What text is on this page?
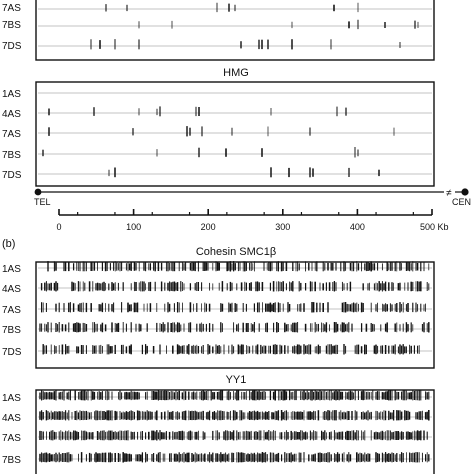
7AS
7BS
7DS
HMG
1AS
4AS
7AS
7BS
7DS
≠
TEL	CEN
0	100	200	300	400	500 Kb
(b)
Cohesin SMC1β
1AS
4AS
7AS
7BS
7DS
YY1
1AS
4AS
7AS
7BS
